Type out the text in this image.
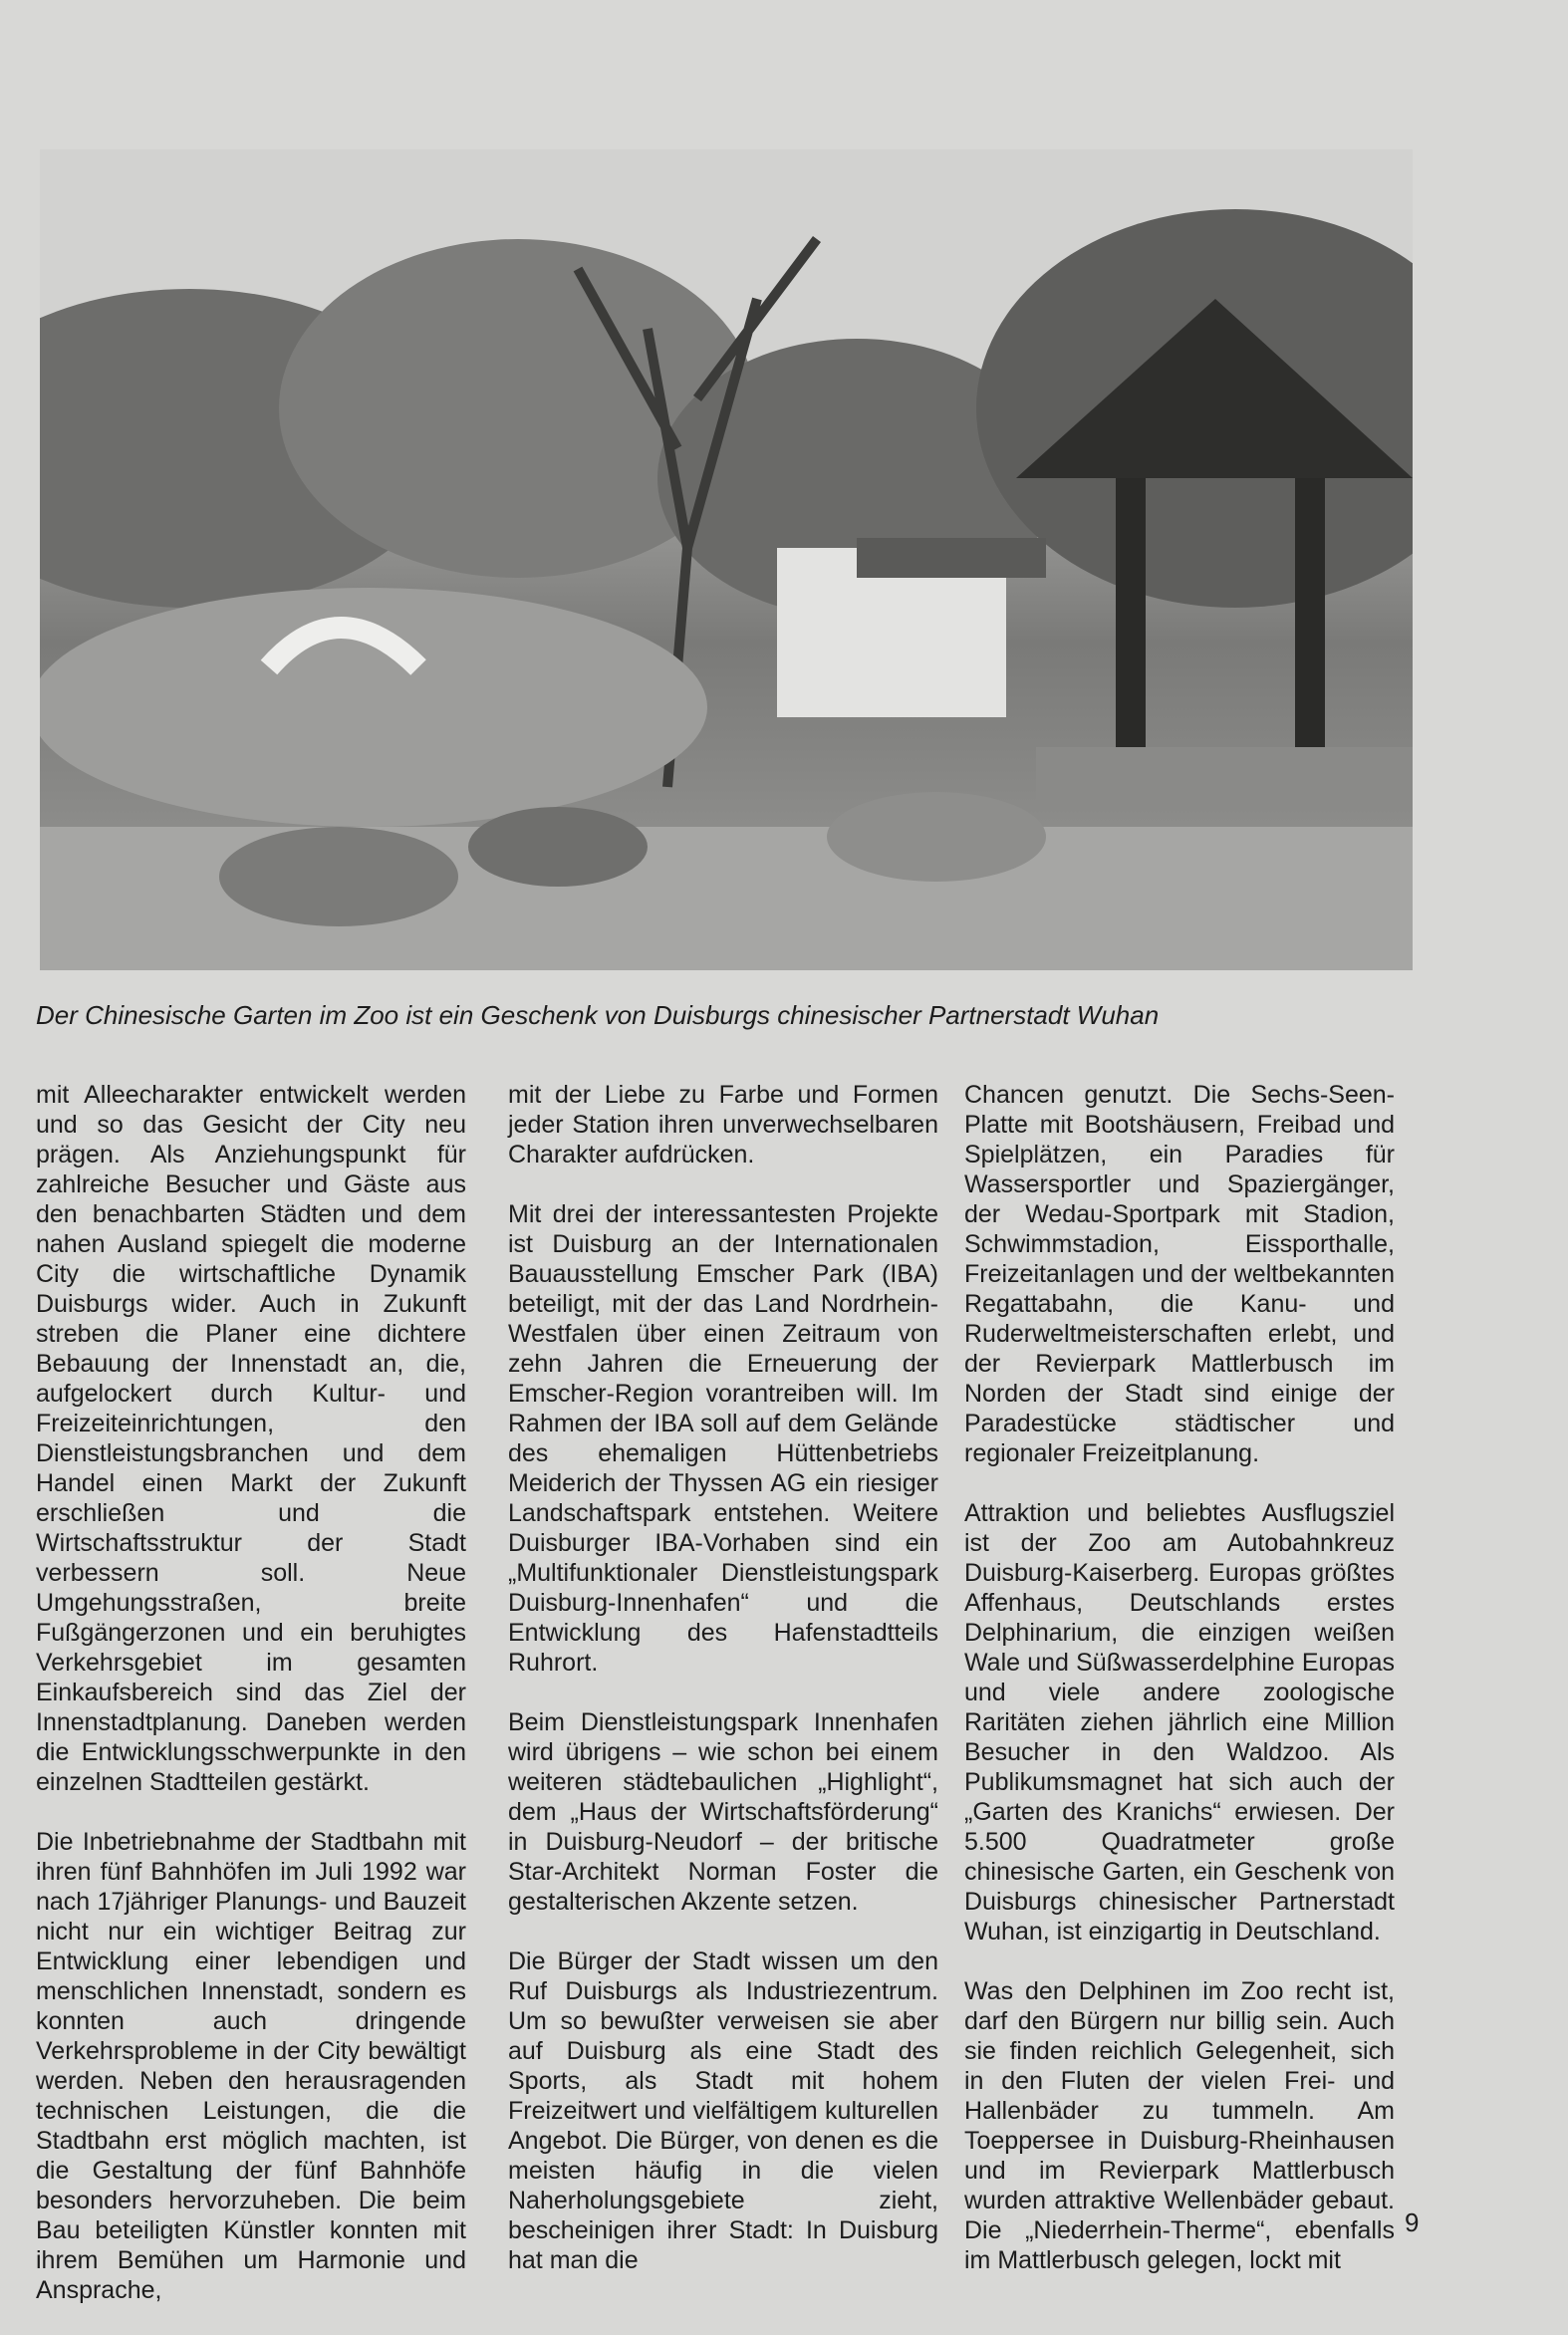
Der Chinesische Garten im Zoo ist ein Geschenk von Duisburgs chinesischer Partnerstadt Wuhan

mit Alleecharakter entwickelt werden und so das Gesicht der City neu prägen. Als Anziehungspunkt für zahlreiche Besucher und Gäste aus den benachbarten Städten und dem nahen Ausland spiegelt die moderne City die wirtschaftliche Dynamik Duisburgs wider. Auch in Zukunft streben die Planer eine dichtere Bebauung der Innenstadt an, die, aufgelockert durch Kultur- und Freizeiteinrichtungen, den Dienstleistungsbranchen und dem Handel einen Markt der Zukunft erschließen und die Wirtschaftsstruktur der Stadt verbessern soll. Neue Umgehungsstraßen, breite Fußgängerzonen und ein beruhigtes Verkehrsgebiet im gesamten Einkaufsbereich sind das Ziel der Innenstadtplanung. Daneben werden die Entwicklungsschwerpunkte in den einzelnen Stadtteilen gestärkt.

Die Inbetriebnahme der Stadtbahn mit ihren fünf Bahnhöfen im Juli 1992 war nach 17jähriger Planungs- und Bauzeit nicht nur ein wichtiger Beitrag zur Entwicklung einer lebendigen und menschlichen Innenstadt, sondern es konnten auch dringende Verkehrsprobleme in der City bewältigt werden. Neben den herausragenden technischen Leistungen, die die Stadtbahn erst möglich machten, ist die Gestaltung der fünf Bahnhöfe besonders hervorzuheben. Die beim Bau beteiligten Künstler konnten mit ihrem Bemühen um Harmonie und Ansprache,

mit der Liebe zu Farbe und Formen jeder Station ihren unverwechselbaren Charakter aufdrücken.

Mit drei der interessantesten Projekte ist Duisburg an der Internationalen Bauausstellung Emscher Park (IBA) beteiligt, mit der das Land Nordrhein-Westfalen über einen Zeitraum von zehn Jahren die Erneuerung der Emscher-Region vorantreiben will. Im Rahmen der IBA soll auf dem Gelände des ehemaligen Hüttenbetriebs Meiderich der Thyssen AG ein riesiger Landschaftspark entstehen. Weitere Duisburger IBA-Vorhaben sind ein „Multifunktionaler Dienstleistungspark Duisburg-Innenhafen“ und die Entwicklung des Hafenstadtteils Ruhrort.

Beim Dienstleistungspark Innenhafen wird übrigens – wie schon bei einem weiteren städtebaulichen „Highlight“, dem „Haus der Wirtschaftsförderung“ in Duisburg-Neudorf – der britische Star-Architekt Norman Foster die gestalterischen Akzente setzen.

Die Bürger der Stadt wissen um den Ruf Duisburgs als Industriezentrum. Um so bewußter verweisen sie aber auf Duisburg als eine Stadt des Sports, als Stadt mit hohem Freizeitwert und vielfältigem kulturellen Angebot. Die Bürger, von denen es die meisten häufig in die vielen Naherholungsgebiete zieht, bescheinigen ihrer Stadt: In Duisburg hat man die

Chancen genutzt. Die Sechs-Seen-Platte mit Bootshäusern, Freibad und Spielplätzen, ein Paradies für Wassersportler und Spaziergänger, der Wedau-Sportpark mit Stadion, Schwimmstadion, Eissporthalle, Freizeitanlagen und der weltbekannten Regattabahn, die Kanu- und Ruderweltmeisterschaften erlebt, und der Revierpark Mattlerbusch im Norden der Stadt sind einige der Paradestücke städtischer und regionaler Freizeitplanung.

Attraktion und beliebtes Ausflugsziel ist der Zoo am Autobahnkreuz Duisburg-Kaiserberg. Europas größtes Affenhaus, Deutschlands erstes Delphinarium, die einzigen weißen Wale und Süßwasserdelphine Europas und viele andere zoologische Raritäten ziehen jährlich eine Million Besucher in den Waldzoo. Als Publikumsmagnet hat sich auch der „Garten des Kranichs“ erwiesen. Der 5.500 Quadratmeter große chinesische Garten, ein Geschenk von Duisburgs chinesischer Partnerstadt Wuhan, ist einzigartig in Deutschland.

Was den Delphinen im Zoo recht ist, darf den Bürgern nur billig sein. Auch sie finden reichlich Gelegenheit, sich in den Fluten der vielen Frei- und Hallenbäder zu tummeln. Am Toeppersee in Duisburg-Rheinhausen und im Revierpark Mattlerbusch wurden attraktive Wellenbäder gebaut. Die „Niederrhein-Therme“, ebenfalls im Mattlerbusch gelegen, lockt mit

9
